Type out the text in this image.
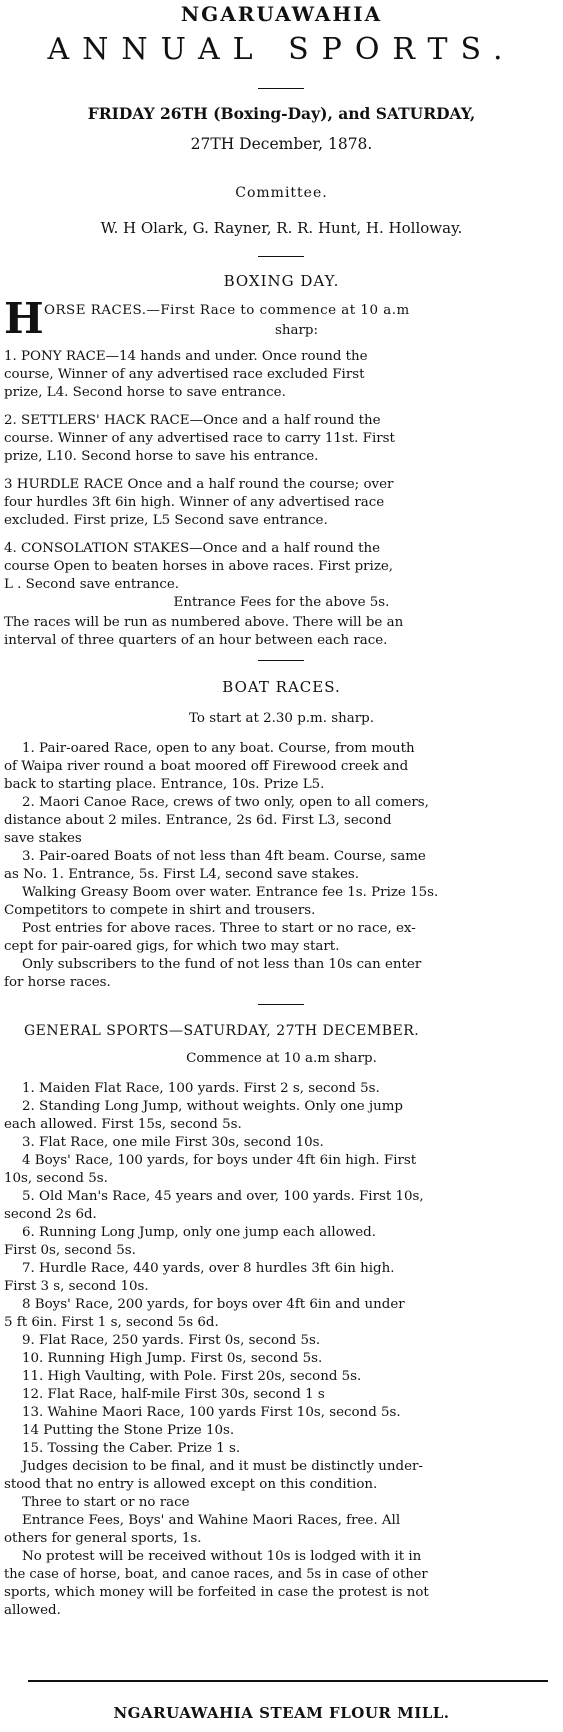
NGARUAWAHIA
ANNUAL SPORTS.
FRIDAY 26TH (Boxing-Day), and SATURDAY,
27TH December, 1878.
Committee.
W. H Olark, G. Rayner, R. R. Hunt, H. Holloway.
BOXING DAY.
H ORSE RACES.—First Race to commence at 10 a.m
sharp:
1. PONY RACE—14 hands and under. Once round the
course, Winner of any advertised race excluded First
prize, L4. Second horse to save entrance.
2. SETTLERS' HACK RACE—Once and a half round the
course. Winner of any advertised race to carry 11st. First
prize, L10. Second horse to save his entrance.
3 HURDLE RACE Once and a half round the course; over
four hurdles 3ft 6in high. Winner of any advertised race
excluded. First prize, L5 Second save entrance.
4. CONSOLATION STAKES—Once and a half round the
course Open to beaten horses in above races. First prize,
L . Second save entrance.
Entrance Fees for the above 5s.
The races will be run as numbered above. There will be an
interval of three quarters of an hour between each race.
BOAT RACES.
To start at 2.30 p.m. sharp.
1. Pair-oared Race, open to any boat. Course, from mouth
of Waipa river round a boat moored off Firewood creek and
back to starting place. Entrance, 10s. Prize L5.
2. Maori Canoe Race, crews of two only, open to all comers,
distance about 2 miles. Entrance, 2s 6d. First L3, second
save stakes
3. Pair-oared Boats of not less than 4ft beam. Course, same
as No. 1. Entrance, 5s. First L4, second save stakes.
Walking Greasy Boom over water. Entrance fee 1s. Prize 15s.
Competitors to compete in shirt and trousers.
Post entries for above races. Three to start or no race, ex-
cept for pair-oared gigs, for which two may start.
Only subscribers to the fund of not less than 10s can enter
for horse races.
GENERAL SPORTS—SATURDAY, 27TH DECEMBER.
Commence at 10 a.m sharp.
1. Maiden Flat Race, 100 yards. First 2 s, second 5s.
2. Standing Long Jump, without weights. Only one jump
each allowed. First 15s, second 5s.
3. Flat Race, one mile First 30s, second 10s.
4 Boys' Race, 100 yards, for boys under 4ft 6in high. First
10s, second 5s.
5. Old Man's Race, 45 years and over, 100 yards. First 10s,
second 2s 6d.
6. Running Long Jump, only one jump each allowed.
First 0s, second 5s.
7. Hurdle Race, 440 yards, over 8 hurdles 3ft 6in high.
First 3 s, second 10s.
8 Boys' Race, 200 yards, for boys over 4ft 6in and under
5 ft 6in. First 1 s, second 5s 6d.
9. Flat Race, 250 yards. First 0s, second 5s.
10. Running High Jump. First 0s, second 5s.
11. High Vaulting, with Pole. First 20s, second 5s.
12. Flat Race, half-mile First 30s, second 1 s
13. Wahine Maori Race, 100 yards First 10s, second 5s.
14 Putting the Stone Prize 10s.
15. Tossing the Caber. Prize 1 s.
Judges decision to be final, and it must be distinctly under-
stood that no entry is allowed except on this condition.
Three to start or no race
Entrance Fees, Boys' and Wahine Maori Races, free. All
others for general sports, 1s.
No protest will be received without 10s is lodged with it in
the case of horse, boat, and canoe races, and 5s in case of other
sports, which money will be forfeited in case the protest is not
allowed.
NGARUAWAHIA STEAM FLOUR MILL.
